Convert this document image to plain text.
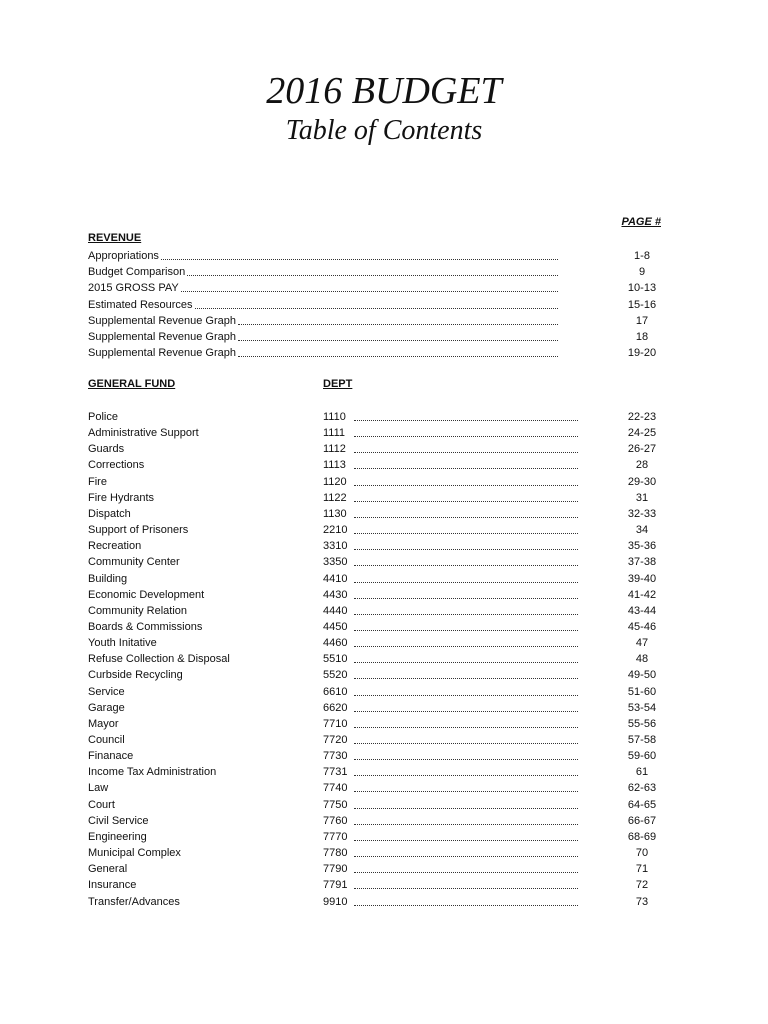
2016 BUDGET
Table of Contents
PAGE #
REVENUE
Appropriations	1-8
Budget Comparison	9
2015 GROSS PAY	10-13
Estimated Resources	15-16
Supplemental Revenue Graph	17
Supplemental Revenue Graph	18
Supplemental Revenue Graph	19-20
GENERAL FUND	DEPT
Police	1110	22-23
Administrative Support	1111	24-25
Guards	1112	26-27
Corrections	1113	28
Fire	1120	29-30
Fire Hydrants	1122	31
Dispatch	1130	32-33
Support of Prisoners	2210	34
Recreation	3310	35-36
Community Center	3350	37-38
Building	4410	39-40
Economic Development	4430	41-42
Community Relation	4440	43-44
Boards & Commissions	4450	45-46
Youth Initative	4460	47
Refuse Collection & Disposal	5510	48
Curbside Recycling	5520	49-50
Service	6610	51-60
Garage	6620	53-54
Mayor	7710	55-56
Council	7720	57-58
Finanace	7730	59-60
Income Tax Administration	7731	61
Law	7740	62-63
Court	7750	64-65
Civil Service	7760	66-67
Engineering	7770	68-69
Municipal Complex	7780	70
General	7790	71
Insurance	7791	72
Transfer/Advances	9910	73
